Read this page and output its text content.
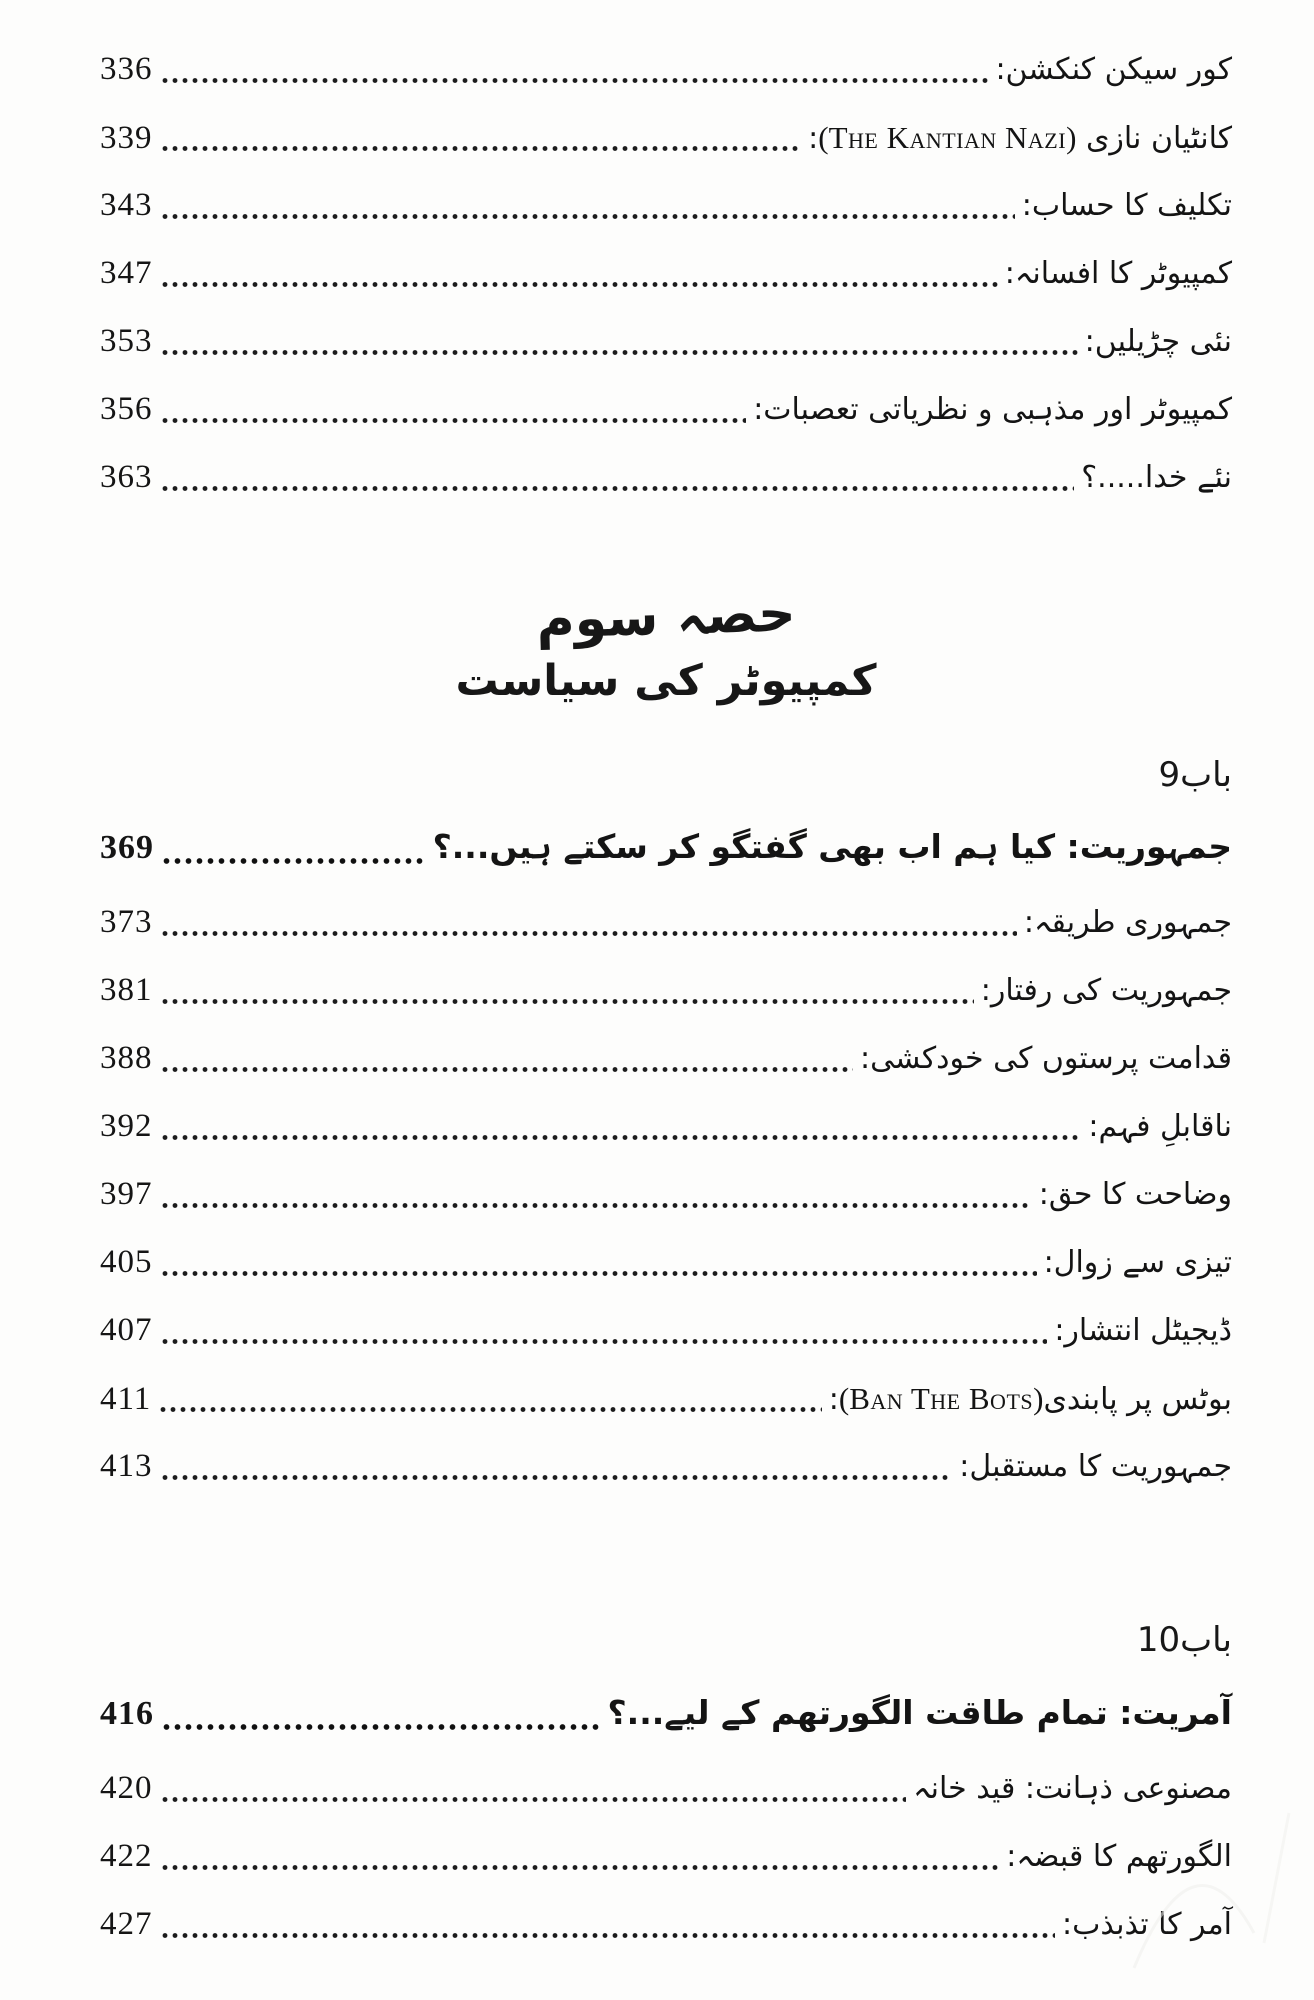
کور سیکن کنکشن:
336
کانٹیان نازی (The Kantian Nazi):
339
تکلیف کا حساب:
343
کمپیوٹر کا افسانہ:
347
نئی چڑیلیں:
353
کمپیوٹر اور مذہبی و نظریاتی تعصبات:
356
نئے خدا.....؟
363
حصہ سوم
کمپیوٹر کی سیاست
باب9
جمہوریت: کیا ہم اب بھی گفتگو کر سکتے ہیں...؟
369
جمہوری طریقہ:
373
جمہوریت کی رفتار:
381
قدامت پرستوں کی خودکشی:
388
ناقابلِ فہم:
392
وضاحت کا حق:
397
تیزی سے زوال:
405
ڈیجیٹل انتشار:
407
بوٹس پر پابندی(Ban The Bots):
411
جمہوریت کا مستقبل:
413
باب10
آمریت: تمام طاقت الگورتھم کے لیے...؟
416
مصنوعی ذہانت: قید خانہ
420
الگورتھم کا قبضہ:
422
آمر کا تذبذب:
427
